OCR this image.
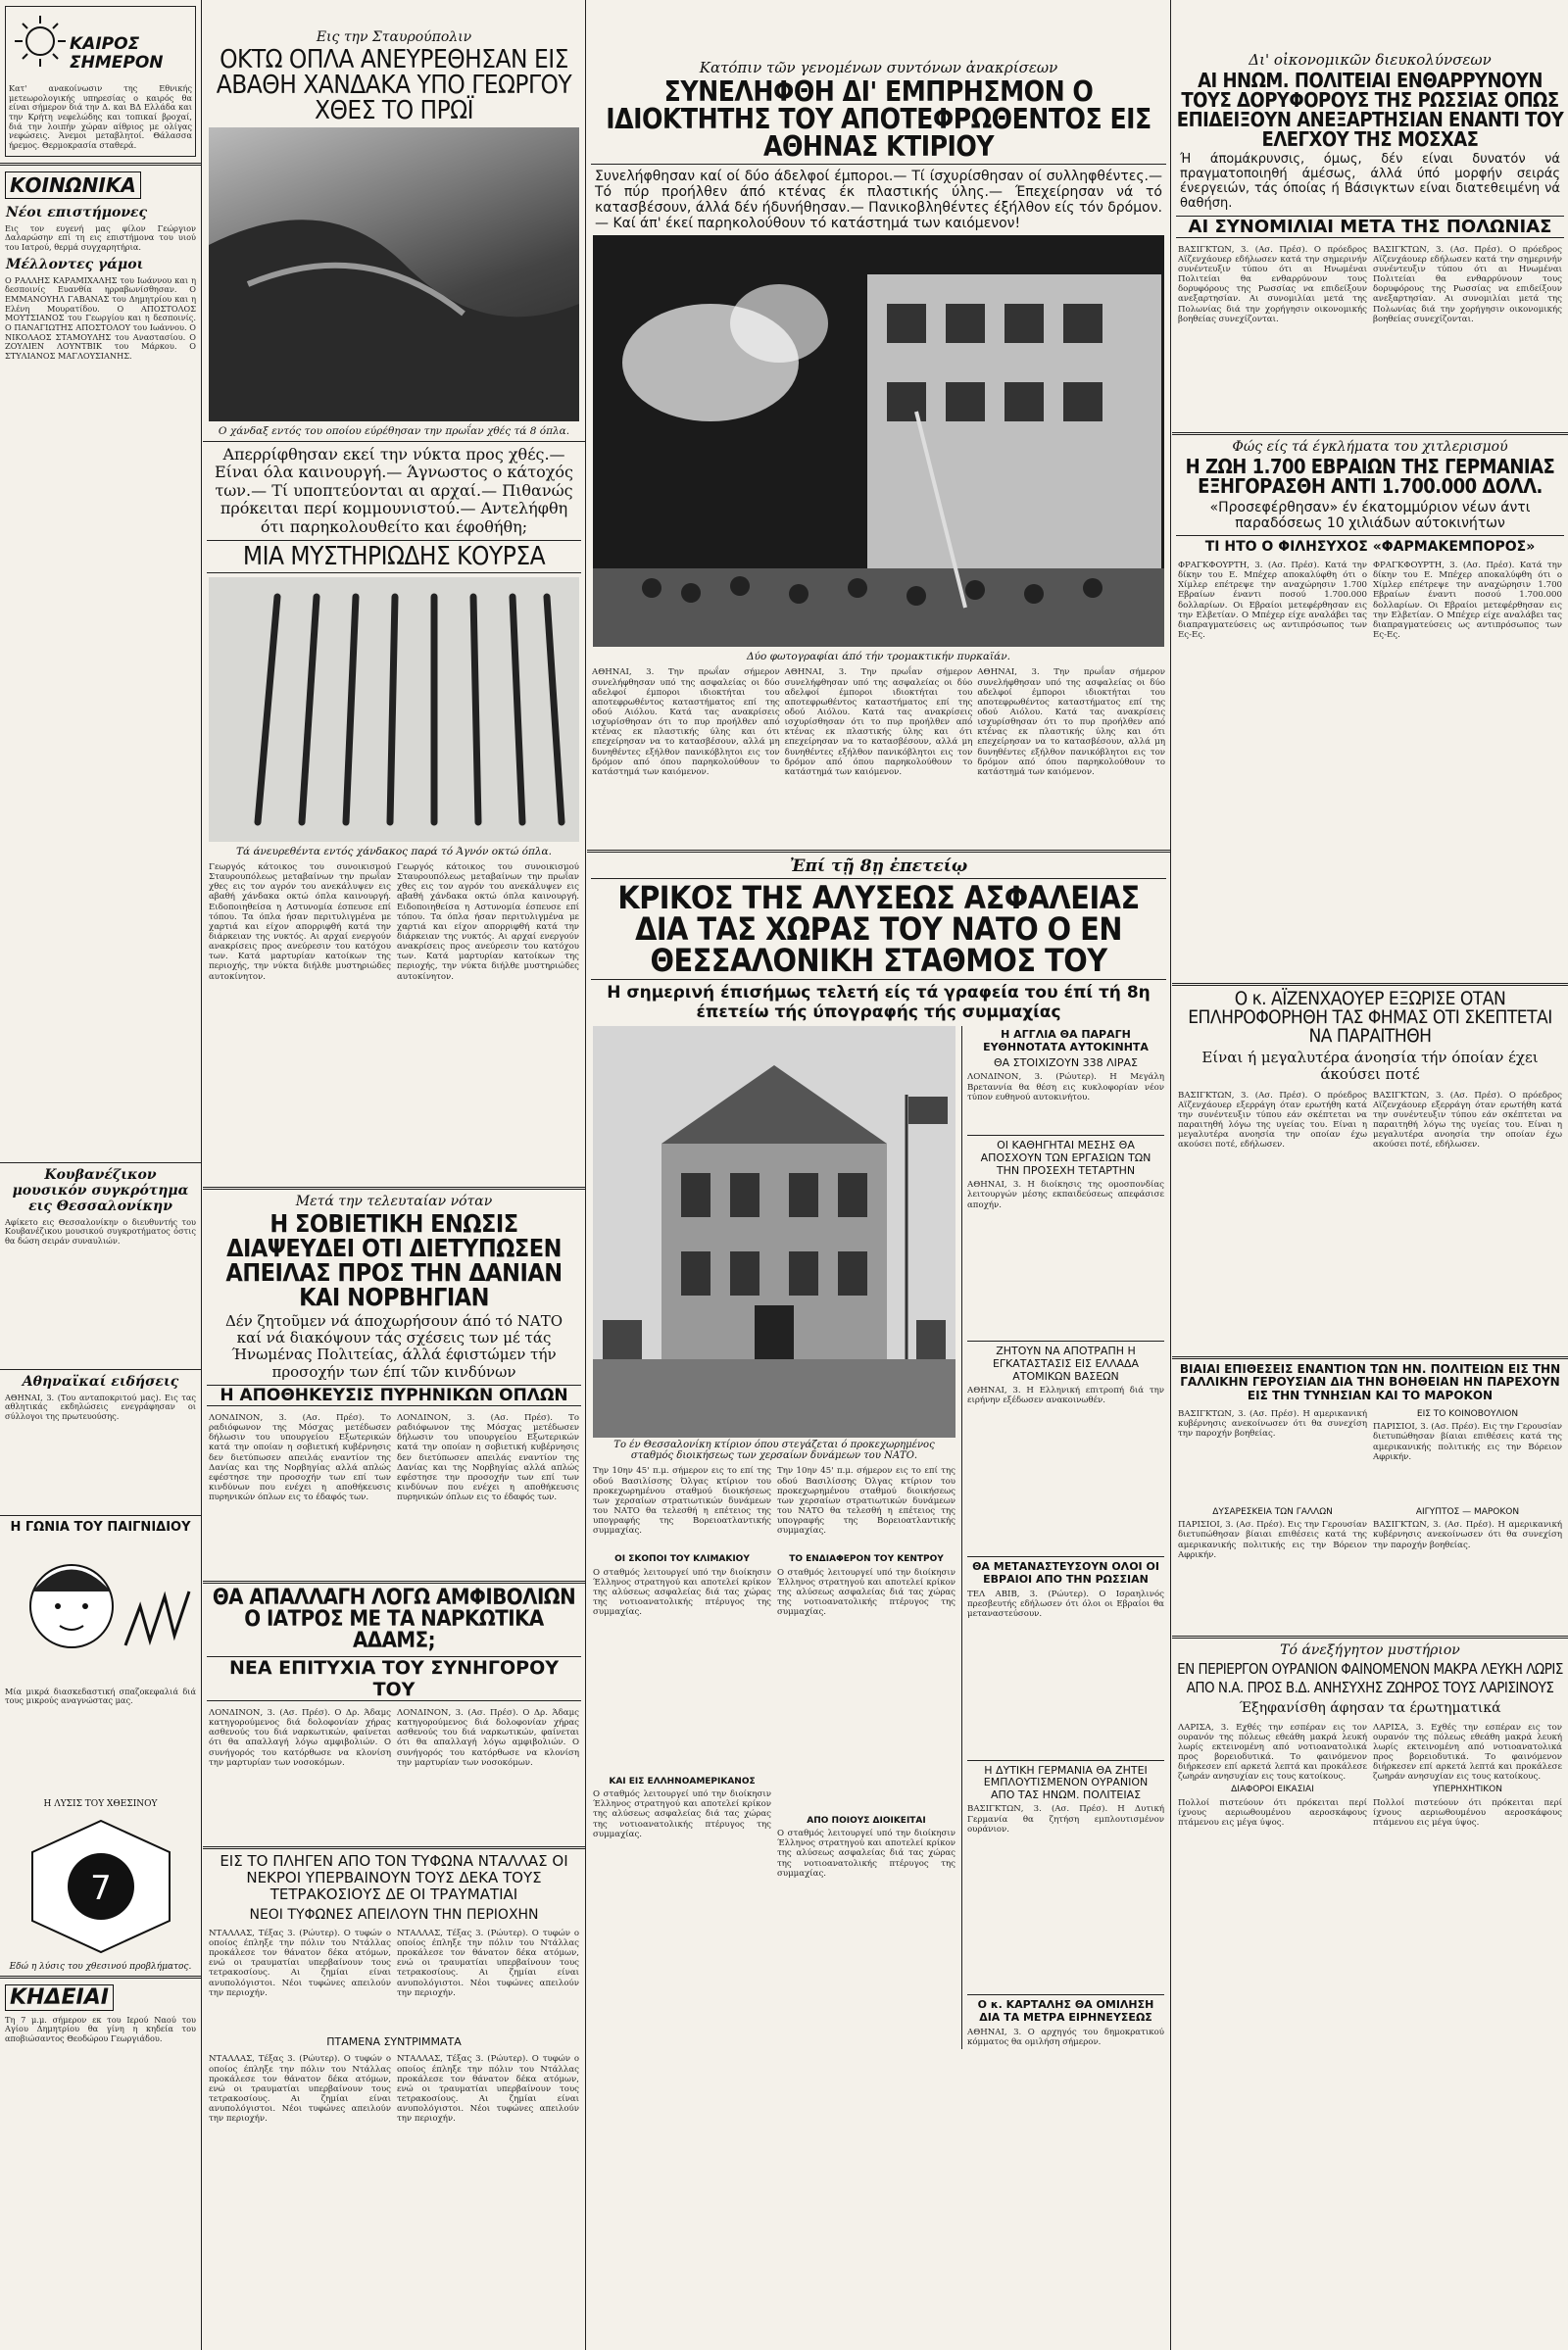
ΚΑΙΡΟΣ ΣΗΜΕΡΟΝ
Κατ' ανακοίνωσιν της Εθνικής μετεωρολογικής υπηρεσίας ο καιρός θα είναι σήμερον διά την Δ. και ΒΔ Ελλάδα και την Κρήτη νεφελώδης και τοπικαί βροχαί, διά την λοιπήν χώραν αίθριος με ολίγας νεφώσεις. Άνεμοι μεταβλητοί. Θάλασσα ήρεμος. Θερμοκρασία σταθερά.
ΚΟΙΝΩΝΙΚΑ
Νέοι επιστήμονες
Εις τον ευγενή μας φίλον Γεώργιον Δαλαρώσην επί τη εις επιστήμονα του υιού του Ιατρού, θερμά συγχαρητήρια.
Μέλλοντες γάμοι
Ο ΡΑΛΛΗΣ ΚΑΡΑΜΙΧΑΛΗΣ του Ιωάννου και η δεσποινίς Ευανθία ηρραβωνίσθησαν. Ο ΕΜΜΑΝΟΥΗΛ ΓΑΒΑΝΑΣ του Δημητρίου και η Ελένη Μουρατίδου. Ο ΑΠΟΣΤΟΛΟΣ ΜΟΥΤΣΙΑΝΟΣ του Γεωργίου και η δεσποινίς. Ο ΠΑΝΑΓΙΩΤΗΣ ΑΠΟΣΤΟΛΟΥ του Ιωάννου. Ο ΝΙΚΟΛΑΟΣ ΣΤΑΜΟΥΛΗΣ του Αναστασίου. Ο ΖΟΥΛΙΕΝ ΛΟΥΝΤΒΙΚ του Μάρκου. Ο ΣΤΥΛΙΑΝΟΣ ΜΑΓΛΟΥΣΙΑΝΗΣ.
Κουβανέζικον μουσικόν συγκρότημα εις Θεσσαλονίκην
Αφίκετο εις Θεσσαλονίκην ο διευθυντής του Κουβανέζικου μουσικού συγκροτήματος όστις θα δώση σειράν συναυλιών.
Αθηναϊκαί ειδήσεις
ΑΘΗΝΑΙ, 3. (Του ανταποκριτού μας). Εις τας αθλητικάς εκδηλώσεις ενεγράφησαν οι σύλλογοι της πρωτευούσης.
Η ΓΩΝΙΑ ΤΟΥ ΠΑΙΓΝΙΔΙΟΥ
Μία μικρά διασκεδαστική σπαζοκεφαλιά διά τους μικρούς αναγνώστας μας.
Η ΛΥΣΙΣ ΤΟΥ ΧΘΕΣΙΝΟΥ
7
Εδώ η λύσις του χθεσινού προβλήματος.
ΚΗΔΕΙΑΙ
Τη 7 μ.μ. σήμερον εκ του Ιερού Ναού του Αγίου Δημητρίου θα γίνη η κηδεία του αποβιώσαντος Θεοδώρου Γεωργιάδου.
Εις την Σταυρούπολιν
ΟΚΤΩ ΟΠΛΑ ΑΝΕΥΡΕΘΗΣΑΝ ΕΙΣ ΑΒΑΘΗ ΧΑΝΔΑΚΑ ΥΠΟ ΓΕΩΡΓΟΥ ΧΘΕΣ ΤΟ ΠΡΩΪ
Ο χάνδαξ εντός του οποίου εύρέθησαν την πρωΐαν χθές τά 8 όπλα.
Απερρίφθησαν εκεί την νύκτα προς χθές.— Είναι όλα καινουργή.— Άγνωστος ο κάτοχός των.— Τί υποπτεύονται αι αρχαί.— Πιθανώς πρόκειται περί κομμουνιστού.— Αντελήφθη ότι παρηκολουθείτο και έφοθήθη;
ΜΙΑ ΜΥΣΤΗΡΙΩΔΗΣ ΚΟΥΡΣΑ
Τά άνευρεθέντα εντός χάνδακος παρά τό Άγνόν οκτώ όπλα.
Γεωργός κάτοικος του συνοικισμού Σταυρουπόλεως μεταβαίνων την πρωΐαν χθες εις τον αγρόν του ανεκάλυψεν εις αβαθή χάνδακα οκτώ όπλα καινουργή. Ειδοποιηθείσα η Αστυνομία έσπευσε επί τόπου. Τα όπλα ήσαν περιτυλιγμένα με χαρτιά και είχον απορριφθή κατά την διάρκειαν της νυκτός. Αι αρχαί ενεργούν ανακρίσεις προς ανεύρεσιν του κατόχου των. Κατά μαρτυρίαν κατοίκων της περιοχής, την νύκτα διήλθε μυστηριώδες αυτοκίνητον.
Γεωργός κάτοικος του συνοικισμού Σταυρουπόλεως μεταβαίνων την πρωΐαν χθες εις τον αγρόν του ανεκάλυψεν εις αβαθή χάνδακα οκτώ όπλα καινουργή. Ειδοποιηθείσα η Αστυνομία έσπευσε επί τόπου. Τα όπλα ήσαν περιτυλιγμένα με χαρτιά και είχον απορριφθή κατά την διάρκειαν της νυκτός. Αι αρχαί ενεργούν ανακρίσεις προς ανεύρεσιν του κατόχου των. Κατά μαρτυρίαν κατοίκων της περιοχής, την νύκτα διήλθε μυστηριώδες αυτοκίνητον.
Μετά την τελευταίαν νόταν
Η ΣΟΒΙΕΤΙΚΗ ΕΝΩΣΙΣ ΔΙΑΨΕΥΔΕΙ ΟΤΙ ΔΙΕΤΥΠΩΣΕΝ ΑΠΕΙΛΑΣ ΠΡΟΣ ΤΗΝ ΔΑΝΙΑΝ ΚΑΙ ΝΟΡΒΗΓΙΑΝ
Δέν ζητοῦμεν νά άποχωρήσουν άπό τό ΝΑΤΟ καί νά διακόψουν τάς σχέσεις των μέ τάς Ήνωμένας Πολιτείας, άλλά έφιστώμεν τήν προσοχήν των έπί τῶν κινδύνων
Η ΑΠΟΘΗΚΕΥΣΙΣ ΠΥΡΗΝΙΚΩΝ ΟΠΛΩΝ
ΛΟΝΔΙΝΟΝ, 3. (Ασ. Πρέσ). Το ραδιόφωνον της Μόσχας μετέδωσεν δήλωσιν του υπουργείου Εξωτερικών κατά την οποίαν η σοβιετική κυβέρνησις δεν διετύπωσεν απειλάς εναντίον της Δανίας και της Νορβηγίας αλλά απλώς εφέστησε την προσοχήν των επί των κινδύνων που ενέχει η αποθήκευσις πυρηνικών όπλων εις το έδαφός των.
ΛΟΝΔΙΝΟΝ, 3. (Ασ. Πρέσ). Το ραδιόφωνον της Μόσχας μετέδωσεν δήλωσιν του υπουργείου Εξωτερικών κατά την οποίαν η σοβιετική κυβέρνησις δεν διετύπωσεν απειλάς εναντίον της Δανίας και της Νορβηγίας αλλά απλώς εφέστησε την προσοχήν των επί των κινδύνων που ενέχει η αποθήκευσις πυρηνικών όπλων εις το έδαφός των.
ΘΑ ΑΠΑΛΛΑΓΗ ΛΟΓΩ ΑΜΦΙΒΟΛΙΩΝ Ο ΙΑΤΡΟΣ ΜΕ ΤΑ ΝΑΡΚΩΤΙΚΑ ΑΔΑΜΣ;
ΝΕΑ ΕΠΙΤΥΧΙΑ ΤΟΥ ΣΥΝΗΓΟΡΟΥ ΤΟΥ
ΛΟΝΔΙΝΟΝ, 3. (Ασ. Πρέσ). Ο Δρ. Άδαμς κατηγορούμενος διά δολοφονίαν χήρας ασθενούς του διά ναρκωτικών, φαίνεται ότι θα απαλλαγή λόγω αμφιβολιών. Ο συνήγορός του κατόρθωσε να κλονίση την μαρτυρίαν των νοσοκόμων.
ΛΟΝΔΙΝΟΝ, 3. (Ασ. Πρέσ). Ο Δρ. Άδαμς κατηγορούμενος διά δολοφονίαν χήρας ασθενούς του διά ναρκωτικών, φαίνεται ότι θα απαλλαγή λόγω αμφιβολιών. Ο συνήγορός του κατόρθωσε να κλονίση την μαρτυρίαν των νοσοκόμων.
ΕΙΣ ΤΟ ΠΛΗΓΕΝ ΑΠΟ ΤΟΝ ΤΥΦΩΝΑ ΝΤΑΛΛΑΣ ΟΙ ΝΕΚΡΟΙ ΥΠΕΡΒΑΙΝΟΥΝ ΤΟΥΣ ΔΕΚΑ ΤΟΥΣ ΤΕΤΡΑΚΟΣΙΟΥΣ ΔΕ ΟΙ ΤΡΑΥΜΑΤΙΑΙ
ΝΕΟΙ ΤΥΦΩΝΕΣ ΑΠΕΙΛΟΥΝ ΤΗΝ ΠΕΡΙΟΧΗΝ
ΝΤΑΛΛΑΣ, Τέξας 3. (Ρώυτερ). Ο τυφών ο οποίος έπληξε την πόλιν του Ντάλλας προκάλεσε τον θάνατον δέκα ατόμων, ενώ οι τραυματίαι υπερβαίνουν τους τετρακοσίους. Αι ζημίαι είναι ανυπολόγιστοι. Νέοι τυφώνες απειλούν την περιοχήν.
ΝΤΑΛΛΑΣ, Τέξας 3. (Ρώυτερ). Ο τυφών ο οποίος έπληξε την πόλιν του Ντάλλας προκάλεσε τον θάνατον δέκα ατόμων, ενώ οι τραυματίαι υπερβαίνουν τους τετρακοσίους. Αι ζημίαι είναι ανυπολόγιστοι. Νέοι τυφώνες απειλούν την περιοχήν.
ΠΤΑΜΕΝΑ ΣΥΝΤΡΙΜΜΑΤΑ
ΝΤΑΛΛΑΣ, Τέξας 3. (Ρώυτερ). Ο τυφών ο οποίος έπληξε την πόλιν του Ντάλλας προκάλεσε τον θάνατον δέκα ατόμων, ενώ οι τραυματίαι υπερβαίνουν τους τετρακοσίους. Αι ζημίαι είναι ανυπολόγιστοι. Νέοι τυφώνες απειλούν την περιοχήν.
ΝΤΑΛΛΑΣ, Τέξας 3. (Ρώυτερ). Ο τυφών ο οποίος έπληξε την πόλιν του Ντάλλας προκάλεσε τον θάνατον δέκα ατόμων, ενώ οι τραυματίαι υπερβαίνουν τους τετρακοσίους. Αι ζημίαι είναι ανυπολόγιστοι. Νέοι τυφώνες απειλούν την περιοχήν.
Κατόπιν τῶν γενομένων συντόνων ἀνακρίσεων
ΣΥΝΕΛΗΦΘΗ ΔΙ' ΕΜΠΡΗΣΜΟΝ Ο ΙΔΙΟΚΤΗΤΗΣ ΤΟΥ ΑΠΟΤΕΦΡΩΘΕΝΤΟΣ ΕΙΣ ΑΘΗΝΑΣ ΚΤΙΡΙΟΥ
Συνελήφθησαν καί οί δύο άδελφοί έμποροι.— Τί ίσχυρίσθησαν οί συλληφθέντες.— Τό πύρ προήλθεν άπό κτένας έκ πλαστικής ύλης.— Έπεχείρησαν νά τό κατασβέσουν, άλλά δέν ήδυνήθησαν.— Πανικοβληθέντες έξήλθον είς τόν δρόμον.— Καί άπ' έκεί παρηκολούθουν τό κατάστημά των καιόμενον!
Δύο φωτογραφίαι άπό τήν τρομακτικήν πυρκαϊάν.
ΑΘΗΝΑΙ, 3. Την πρωΐαν σήμερον συνελήφθησαν υπό της ασφαλείας οι δύο αδελφοί έμποροι ιδιοκτήται του αποτεφρωθέντος καταστήματος επί της οδού Αιόλου. Κατά τας ανακρίσεις ισχυρίσθησαν ότι το πυρ προήλθεν από κτένας εκ πλαστικής ύλης και ότι επεχείρησαν να το κατασβέσουν, αλλά μη δυνηθέντες εξήλθον πανικόβλητοι εις τον δρόμον από όπου παρηκολούθουν το κατάστημά των καιόμενον.
ΑΘΗΝΑΙ, 3. Την πρωΐαν σήμερον συνελήφθησαν υπό της ασφαλείας οι δύο αδελφοί έμποροι ιδιοκτήται του αποτεφρωθέντος καταστήματος επί της οδού Αιόλου. Κατά τας ανακρίσεις ισχυρίσθησαν ότι το πυρ προήλθεν από κτένας εκ πλαστικής ύλης και ότι επεχείρησαν να το κατασβέσουν, αλλά μη δυνηθέντες εξήλθον πανικόβλητοι εις τον δρόμον από όπου παρηκολούθουν το κατάστημά των καιόμενον.
ΑΘΗΝΑΙ, 3. Την πρωΐαν σήμερον συνελήφθησαν υπό της ασφαλείας οι δύο αδελφοί έμποροι ιδιοκτήται του αποτεφρωθέντος καταστήματος επί της οδού Αιόλου. Κατά τας ανακρίσεις ισχυρίσθησαν ότι το πυρ προήλθεν από κτένας εκ πλαστικής ύλης και ότι επεχείρησαν να το κατασβέσουν, αλλά μη δυνηθέντες εξήλθον πανικόβλητοι εις τον δρόμον από όπου παρηκολούθουν το κατάστημά των καιόμενον.
Ἐπί τῇ 8ῃ ἐπετείῳ
ΚΡΙΚΟΣ ΤΗΣ ΑΛΥΣΕΩΣ ΑΣΦΑΛΕΙΑΣ ΔΙΑ ΤΑΣ ΧΩΡΑΣ ΤΟΥ ΝΑΤΟ Ο ΕΝ ΘΕΣΣΑΛΟΝΙΚΗ ΣΤΑΘΜΟΣ ΤΟΥ
Η σημερινή έπισήμως τελετή είς τά γραφεία του έπί τή 8η έπετείω τής ύπογραφής τής συμμαχίας
Το έν Θεσσαλονίκη κτίριον όπου στεγάζεται ό προκεχωρημένος σταθμός διοικήσεως των χερσαίων δυνάμεων του ΝΑΤΟ.
Την 10ην 45' π.μ. σήμερον εις το επί της οδού Βασιλίσσης Όλγας κτίριον του προκεχωρημένου σταθμού διοικήσεως των χερσαίων στρατιωτικών δυνάμεων του ΝΑΤΟ θα τελεσθή η επέτειος της υπογραφής της Βορειοατλαντικής συμμαχίας.
Την 10ην 45' π.μ. σήμερον εις το επί της οδού Βασιλίσσης Όλγας κτίριον του προκεχωρημένου σταθμού διοικήσεως των χερσαίων στρατιωτικών δυνάμεων του ΝΑΤΟ θα τελεσθή η επέτειος της υπογραφής της Βορειοατλαντικής συμμαχίας.
ΟΙ ΣΚΟΠΟΙ ΤΟΥ ΚΛΙΜΑΚΙΟΥ
Ο σταθμός λειτουργεί υπό την διοίκησιν Έλληνος στρατηγού και αποτελεί κρίκον της αλύσεως ασφαλείας διά τας χώρας της νοτιοανατολικής πτέρυγος της συμμαχίας.
ΚΑΙ ΕΙΣ ΕΛΛΗΝΟΑΜΕΡΙΚΑΝΟΣ
Ο σταθμός λειτουργεί υπό την διοίκησιν Έλληνος στρατηγού και αποτελεί κρίκον της αλύσεως ασφαλείας διά τας χώρας της νοτιοανατολικής πτέρυγος της συμμαχίας.
ΤΟ ΕΝΔΙΑΦΕΡΟΝ ΤΟΥ ΚΕΝΤΡΟΥ
Ο σταθμός λειτουργεί υπό την διοίκησιν Έλληνος στρατηγού και αποτελεί κρίκον της αλύσεως ασφαλείας διά τας χώρας της νοτιοανατολικής πτέρυγος της συμμαχίας.
ΑΠΟ ΠΟΙΟΥΣ ΔΙΟΙΚΕΙΤΑΙ
Ο σταθμός λειτουργεί υπό την διοίκησιν Έλληνος στρατηγού και αποτελεί κρίκον της αλύσεως ασφαλείας διά τας χώρας της νοτιοανατολικής πτέρυγος της συμμαχίας.
Η ΑΓΓΛΙΑ ΘΑ ΠΑΡΑΓΗ ΕΥΘΗΝΟΤΑΤΑ ΑΥΤΟΚΙΝΗΤΑ
ΘΑ ΣΤΟΙΧΙΖΟΥΝ 338 ΛΙΡΑΣ
ΛΟΝΔΙΝΟΝ, 3. (Ρώυτερ). Η Μεγάλη Βρεταννία θα θέση εις κυκλοφορίαν νέον τύπον ευθηνού αυτοκινήτου.
ΟΙ ΚΑΘΗΓΗΤΑΙ ΜΕΣΗΣ ΘΑ ΑΠΟΣΧΟΥΝ ΤΩΝ ΕΡΓΑΣΙΩΝ ΤΩΝ ΤΗΝ ΠΡΟΣΕΧΗ ΤΕΤΑΡΤΗΝ
ΑΘΗΝΑΙ, 3. Η διοίκησις της ομοσπονδίας λειτουργών μέσης εκπαιδεύσεως απεφάσισε αποχήν.
ΖΗΤΟΥΝ ΝΑ ΑΠΟΤΡΑΠΗ Η ΕΓΚΑΤΑΣΤΑΣΙΣ ΕΙΣ ΕΛΛΑΔΑ ΑΤΟΜΙΚΩΝ ΒΑΣΕΩΝ
ΑΘΗΝΑΙ, 3. Η Ελληνική επιτροπή διά την ειρήνην εξέδωσεν ανακοινωθέν.
ΘΑ ΜΕΤΑΝΑΣΤΕΥΣΟΥΝ ΟΛΟΙ ΟΙ ΕΒΡΑΙΟΙ ΑΠΟ ΤΗΝ ΡΩΣΣΙΑΝ
ΤΕΛ ΑΒΙΒ, 3. (Ρώυτερ). Ο Ισραηλινός πρεσβευτής εδήλωσεν ότι όλοι οι Εβραίοι θα μεταναστεύσουν.
Η ΔΥΤΙΚΗ ΓΕΡΜΑΝΙΑ ΘΑ ΖΗΤΕΙ ΕΜΠΛΟΥΤΙΣΜΕΝΟΝ ΟΥΡΑΝΙΟΝ ΑΠΟ ΤΑΣ ΗΝΩΜ. ΠΟΛΙΤΕΙΑΣ
ΒΑΣΙΓΚΤΩΝ, 3. (Ασ. Πρέσ). Η Δυτική Γερμανία θα ζητήση εμπλουτισμένον ουράνιον.
Ο κ. ΚΑΡΤΑΛΗΣ ΘΑ ΟΜΙΛΗΣΗ ΔΙΑ ΤΑ ΜΕΤΡΑ ΕΙΡΗΝΕΥΣΕΩΣ
ΑΘΗΝΑΙ, 3. Ο αρχηγός του δημοκρατικού κόμματος θα ομιλήση σήμερον.
Δι' οἰκονομικῶν διευκολύνσεων
ΑΙ ΗΝΩΜ. ΠΟΛΙΤΕΙΑΙ ΕΝΘΑΡΡΥΝΟΥΝ ΤΟΥΣ ΔΟΡΥΦΟΡΟΥΣ ΤΗΣ ΡΩΣΣΙΑΣ ΟΠΩΣ ΕΠΙΔΕΙΞΟΥΝ ΑΝΕΞΑΡΤΗΣΙΑΝ ΕΝΑΝΤΙ ΤΟΥ ΕΛΕΓΧΟΥ ΤΗΣ ΜΟΣΧΑΣ
Ή άπομάκρυνσις, όμως, δέν είναι δυνατόν νά πραγματοποιηθή άμέσως, άλλά ύπό μορφήν σειράς ένεργειών, τάς όποίας ή Βάσιγκτων είναι διατεθειμένη νά θαθήση.
ΑΙ ΣΥΝΟΜΙΛΙΑΙ ΜΕΤΑ ΤΗΣ ΠΟΛΩΝΙΑΣ
ΒΑΣΙΓΚΤΩΝ, 3. (Ασ. Πρέσ). Ο πρόεδρος Αϊζενχάουερ εδήλωσεν κατά την σημερινήν συνέντευξιν τύπου ότι αι Ηνωμέναι Πολιτείαι θα ενθαρρύνουν τους δορυφόρους της Ρωσσίας να επιδείξουν ανεξαρτησίαν. Αι συνομιλίαι μετά της Πολωνίας διά την χορήγησιν οικονομικής βοηθείας συνεχίζονται.
ΒΑΣΙΓΚΤΩΝ, 3. (Ασ. Πρέσ). Ο πρόεδρος Αϊζενχάουερ εδήλωσεν κατά την σημερινήν συνέντευξιν τύπου ότι αι Ηνωμέναι Πολιτείαι θα ενθαρρύνουν τους δορυφόρους της Ρωσσίας να επιδείξουν ανεξαρτησίαν. Αι συνομιλίαι μετά της Πολωνίας διά την χορήγησιν οικονομικής βοηθείας συνεχίζονται.
Φώς είς τά έγκλήματα του χιτλερισμού
Η ΖΩΗ 1.700 ΕΒΡΑΙΩΝ ΤΗΣ ΓΕΡΜΑΝΙΑΣ ΕΞΗΓΟΡΑΣΘΗ ΑΝΤΙ 1.700.000 ΔΟΛΛ.
«Προσεφέρθησαν» έν έκατομμύριον νέων άντι παραδόσεως 10 χιλιάδων αύτοκινήτων
ΤΙ ΗΤΟ Ο ΦΙΛΗΣΥΧΟΣ «ΦΑΡΜΑΚΕΜΠΟΡΟΣ»
ΦΡΑΓΚΦΟΥΡΤΗ, 3. (Ασ. Πρέσ). Κατά την δίκην του Ε. Μπέχερ αποκαλύφθη ότι ο Χίμλερ επέτρεψε την αναχώρησιν 1.700 Εβραίων έναντι ποσού 1.700.000 δολλαρίων. Οι Εβραίοι μετεφέρθησαν εις την Ελβετίαν. Ο Μπέχερ είχε αναλάβει τας διαπραγματεύσεις ως αντιπρόσωπος των Ες-Ες.
ΦΡΑΓΚΦΟΥΡΤΗ, 3. (Ασ. Πρέσ). Κατά την δίκην του Ε. Μπέχερ αποκαλύφθη ότι ο Χίμλερ επέτρεψε την αναχώρησιν 1.700 Εβραίων έναντι ποσού 1.700.000 δολλαρίων. Οι Εβραίοι μετεφέρθησαν εις την Ελβετίαν. Ο Μπέχερ είχε αναλάβει τας διαπραγματεύσεις ως αντιπρόσωπος των Ες-Ες.
Ο κ. ΑΪΖΕΝΧΑΟΥΕΡ ΕΞΩΡΙΣΕ ΟΤΑΝ ΕΠΛΗΡΟΦΟΡΗΘΗ ΤΑΣ ΦΗΜΑΣ ΟΤΙ ΣΚΕΠΤΕΤΑΙ ΝΑ ΠΑΡΑΙΤΗΘΗ
Είναι ή μεγαλυτέρα άνοησία τήν όποίαν έχει άκούσει ποτέ
ΒΑΣΙΓΚΤΩΝ, 3. (Ασ. Πρέσ). Ο πρόεδρος Αϊζενχάουερ εξερράγη όταν ερωτήθη κατά την συνέντευξιν τύπου εάν σκέπτεται να παραιτηθή λόγω της υγείας του. Είναι η μεγαλυτέρα ανοησία την οποίαν έχω ακούσει ποτέ, εδήλωσεν.
ΒΑΣΙΓΚΤΩΝ, 3. (Ασ. Πρέσ). Ο πρόεδρος Αϊζενχάουερ εξερράγη όταν ερωτήθη κατά την συνέντευξιν τύπου εάν σκέπτεται να παραιτηθή λόγω της υγείας του. Είναι η μεγαλυτέρα ανοησία την οποίαν έχω ακούσει ποτέ, εδήλωσεν.
ΒΙΑΙΑΙ ΕΠΙΘΕΣΕΙΣ ΕΝΑΝΤΙΟΝ ΤΩΝ ΗΝ. ΠΟΛΙΤΕΙΩΝ ΕΙΣ ΤΗΝ ΓΑΛΛΙΚΗΝ ΓΕΡΟΥΣΙΑΝ ΔΙΑ ΤΗΝ ΒΟΗΘΕΙΑΝ ΗΝ ΠΑΡΕΧΟΥΝ ΕΙΣ ΤΗΝ ΤΥΝΗΣΙΑΝ ΚΑΙ ΤΟ ΜΑΡΟΚΟΝ
ΒΑΣΙΓΚΤΩΝ, 3. (Ασ. Πρέσ). Η αμερικανική κυβέρνησις ανεκοίνωσεν ότι θα συνεχίση την παροχήν βοηθείας.
ΕΙΣ ΤΟ ΚΟΙΝΟΒΟΥΛΙΟΝ
ΠΑΡΙΣΙΟΙ, 3. (Ασ. Πρέσ). Εις την Γερουσίαν διετυπώθησαν βίαιαι επιθέσεις κατά της αμερικανικής πολιτικής εις την Βόρειον Αφρικήν.
ΔΥΣΑΡΕΣΚΕΙΑ ΤΩΝ ΓΑΛΛΩΝ
ΠΑΡΙΣΙΟΙ, 3. (Ασ. Πρέσ). Εις την Γερουσίαν διετυπώθησαν βίαιαι επιθέσεις κατά της αμερικανικής πολιτικής εις την Βόρειον Αφρικήν.
ΑΙΓΥΠΤΟΣ — ΜΑΡΟΚΟΝ
ΒΑΣΙΓΚΤΩΝ, 3. (Ασ. Πρέσ). Η αμερικανική κυβέρνησις ανεκοίνωσεν ότι θα συνεχίση την παροχήν βοηθείας.
Τό άνεξήγητον μυστήριον
ΕΝ ΠΕΡΙΕΡΓΟΝ ΟΥΡΑΝΙΟΝ ΦΑΙΝΟΜΕΝΟΝ ΜΑΚΡΑ ΛΕΥΚΗ ΛΩΡΙΣ ΑΠΟ Ν.Α. ΠΡΟΣ Β.Δ. ΑΝΗΣΥΧΗΣ ΖΩΗΡΟΣ ΤΟΥΣ ΛΑΡΙΣΙΝΟΥΣ
Έξηφανίσθη άφησαν τα έρωτηματικά
ΛΑΡΙΣΑ, 3. Εχθές την εσπέραν εις τον ουρανόν της πόλεως εθεάθη μακρά λευκή λωρίς εκτεινομένη από νοτιοανατολικά προς βορειοδυτικά. Το φαινόμενον διήρκεσεν επί αρκετά λεπτά και προκάλεσε ζωηράν ανησυχίαν εις τους κατοίκους.
ΔΙΑΦΟΡΟΙ ΕΙΚΑΣΙΑΙ
Πολλοί πιστεύουν ότι πρόκειται περί ίχνους αεριωθουμένου αεροσκάφους πτάμενου εις μέγα ύψος.
ΛΑΡΙΣΑ, 3. Εχθές την εσπέραν εις τον ουρανόν της πόλεως εθεάθη μακρά λευκή λωρίς εκτεινομένη από νοτιοανατολικά προς βορειοδυτικά. Το φαινόμενον διήρκεσεν επί αρκετά λεπτά και προκάλεσε ζωηράν ανησυχίαν εις τους κατοίκους.
ΥΠΕΡΗΧΗΤΙΚΟΝ
Πολλοί πιστεύουν ότι πρόκειται περί ίχνους αεριωθουμένου αεροσκάφους πτάμενου εις μέγα ύψος.
